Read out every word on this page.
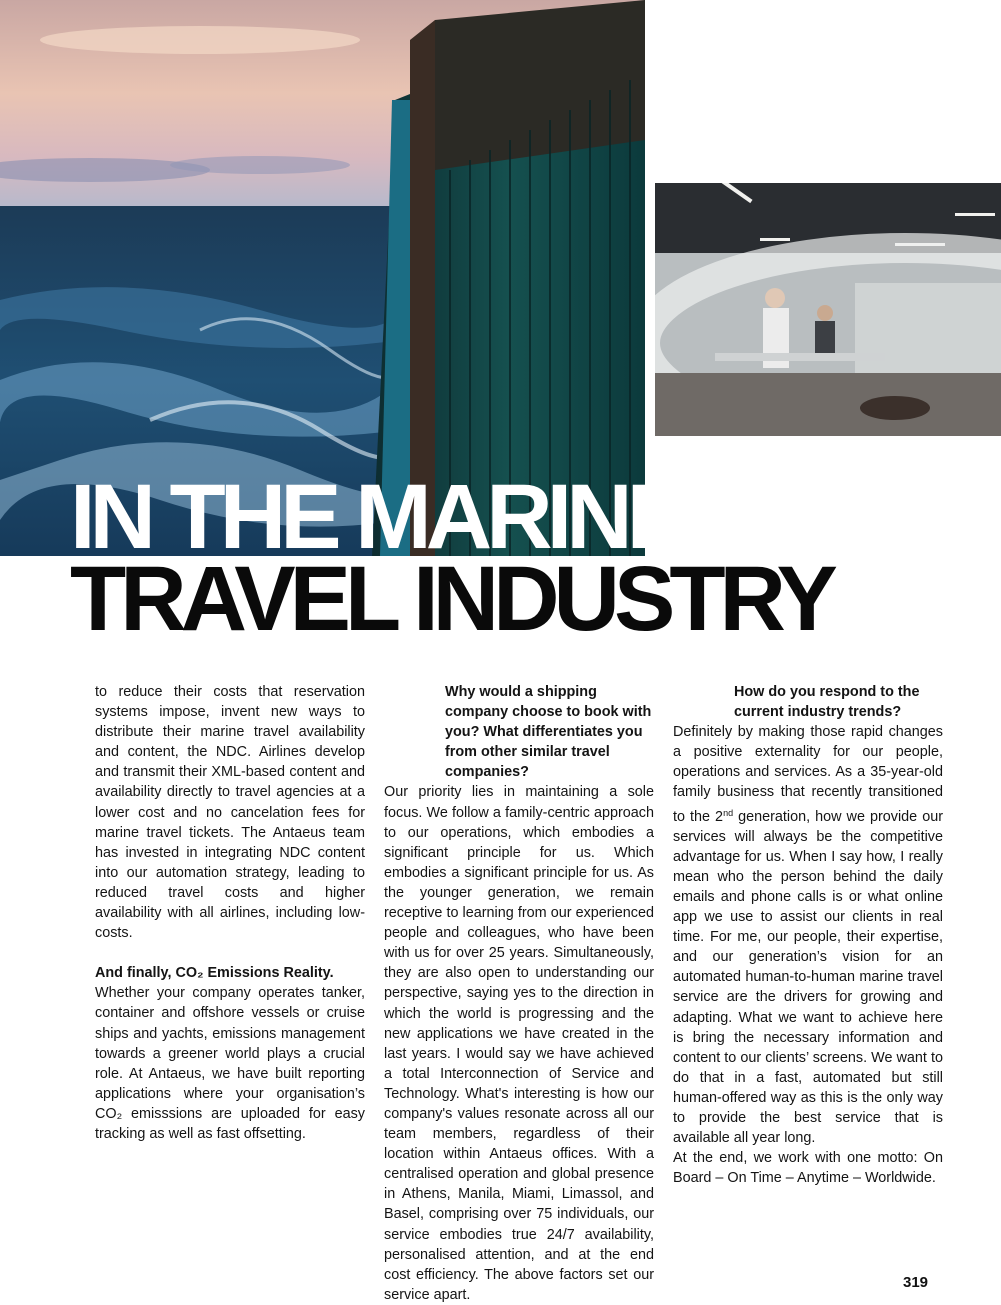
IN THE MARINE
TRAVEL INDUSTRY

to reduce their costs that reservation systems impose, invent new ways to distribute their marine travel availability and content, the NDC. Airlines develop and transmit their XML-based content and availability directly to travel agencies at a lower cost and no cancelation fees for marine travel tickets. The Antaeus team has invested in integrating NDC content into our automation strategy, leading to reduced travel costs and higher availability with all airlines, including low-costs.

And finally, CO₂ Emissions Reality.

Whether your company operates tanker, container and offshore vessels or cruise ships and yachts, emissions management towards a greener world plays a crucial role. At Antaeus, we have built reporting applications where your organisation’s CO₂ emisssions are uploaded for easy tracking as well as fast offsetting.

Why would a shipping company choose to book with you? What differentiates you from other similar travel companies?

Our priority lies in maintaining a sole focus. We follow a family-centric approach to our operations, which embodies a significant principle for us. Which embodies a significant principle for us. As the younger generation, we remain receptive to learning from our experienced people and colleagues, who have been with us for over 25 years. Simultaneously, they are also open to understanding our perspective, saying yes to the direction in which the world is progressing and the new applications we have created in the last years. I would say we have achieved a total Interconnection of Service and Technology. What's interesting is how our company's values resonate across all our team members, regardless of their location within Antaeus offices. With a centralised operation and global presence in Athens, Manila, Miami, Limassol, and Basel, comprising over 75 individuals, our service embodies true 24/7 availability, personalised attention, and at the end cost efficiency. The above factors set our service apart.

How do you respond to the current industry trends?

Definitely by making those rapid changes a positive externality for our people, operations and services. As a 35-year-old family business that recently transitioned to the 2nd generation, how we provide our services will always be the competitive advantage for us. When I say how, I really mean who the person behind the daily emails and phone calls is or what online app we use to assist our clients in real time. For me, our people, their expertise, and our generation’s vision for an automated human-to-human marine travel service are the drivers for growing and adapting. What we want to achieve here is bring the necessary information and content to our clients’ screens. We want to do that in a fast, automated but still human-offered way as this is the only way to provide the best service that is available all year long.

At the end, we work with one motto: On Board – On Time – Anytime – Worldwide.

319
